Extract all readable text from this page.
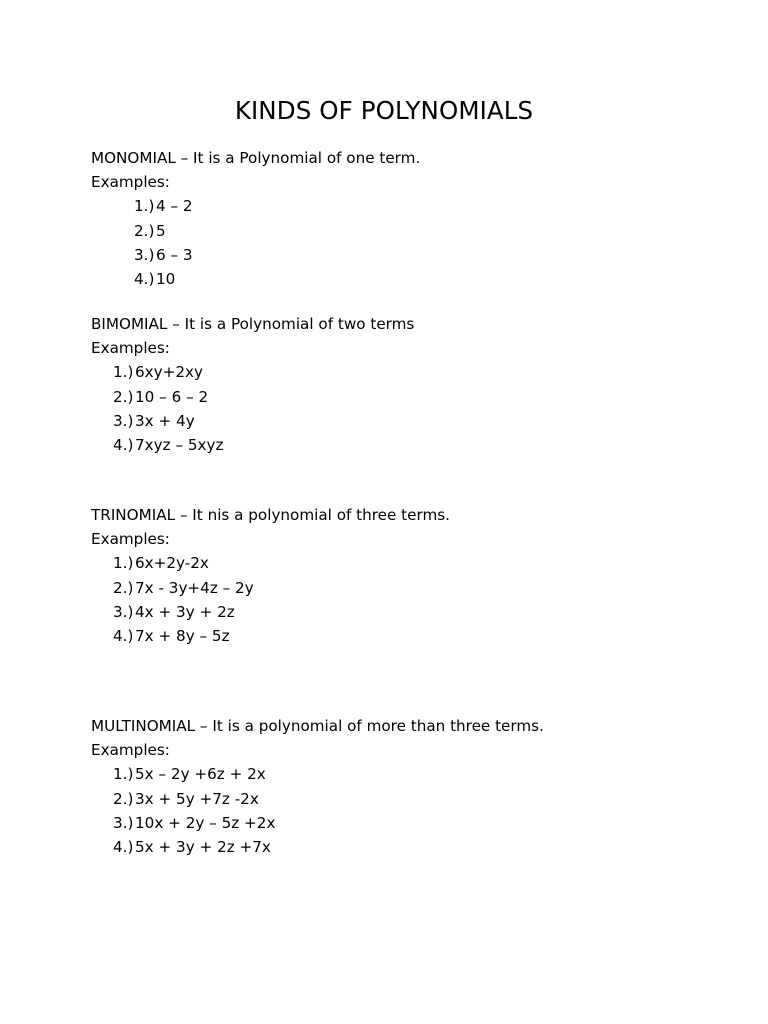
KINDS OF POLYNOMIALS
MONOMIAL – It is a Polynomial of one term.
Examples:
1.) 4 – 2
2.) 5
3.) 6 – 3
4.) 10
BIMOMIAL – It is a Polynomial of two terms
Examples:
1.) 6xy+2xy
2.) 10 – 6 – 2
3.) 3x + 4y
4.) 7xyz – 5xyz
TRINOMIAL – It nis a polynomial of three terms.
Examples:
1.) 6x+2y-2x
2.) 7x - 3y+4z – 2y
3.) 4x + 3y + 2z
4.) 7x + 8y – 5z
MULTINOMIAL – It is a polynomial of more than three terms.
Examples:
1.) 5x – 2y +6z + 2x
2.) 3x + 5y +7z -2x
3.) 10x + 2y – 5z +2x
4.) 5x + 3y + 2z +7x
